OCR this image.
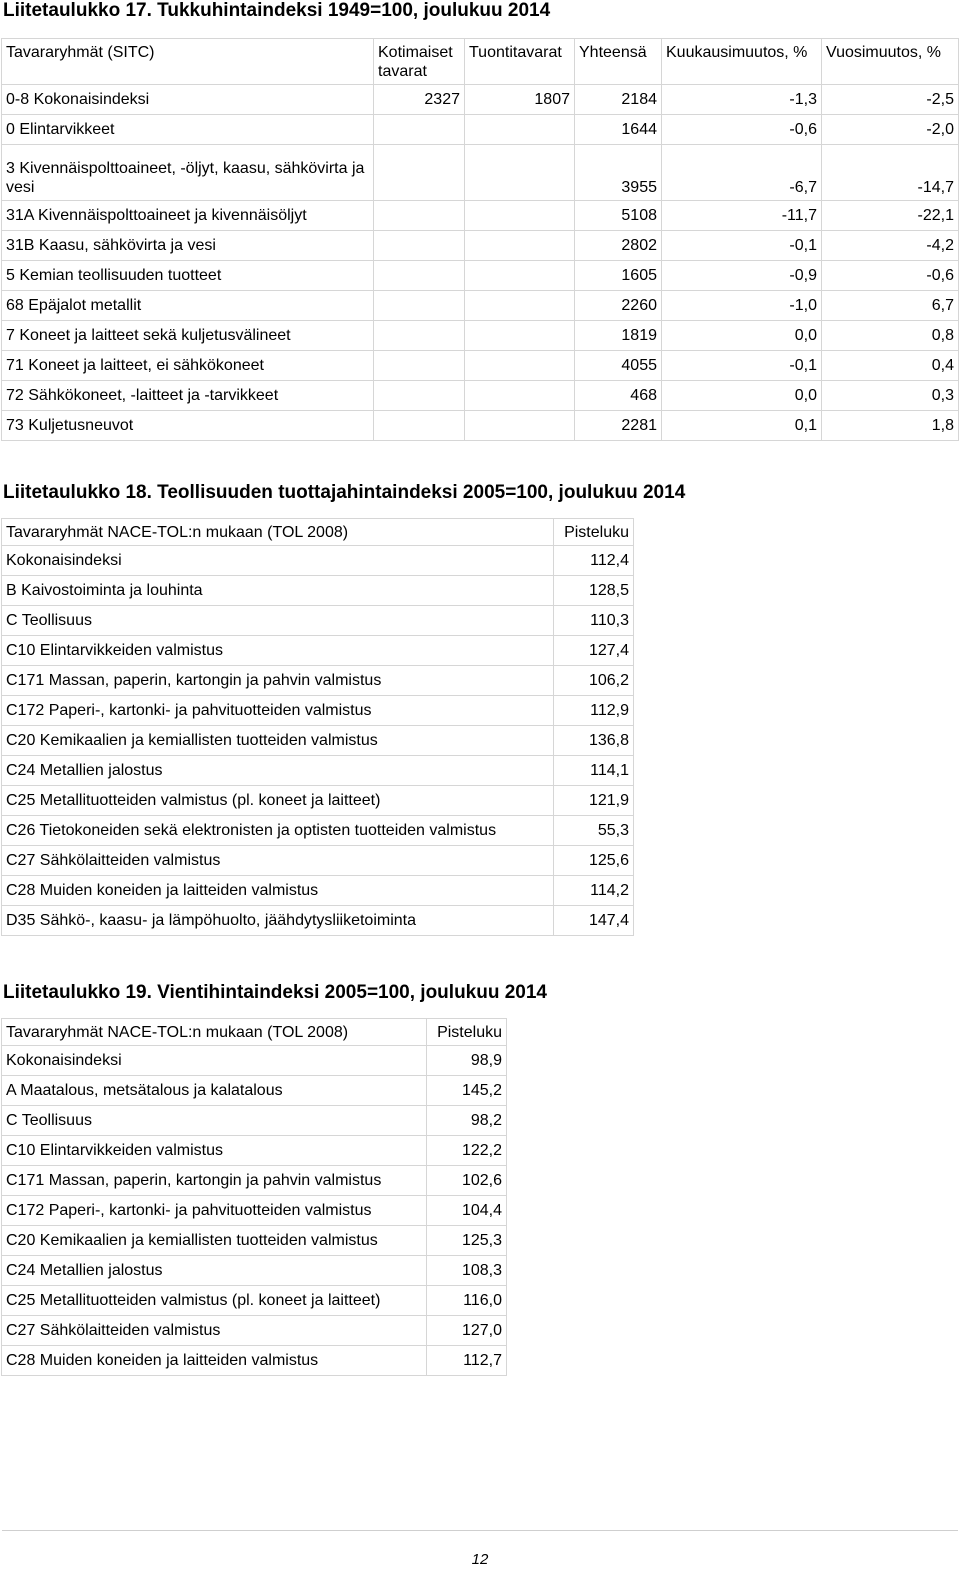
Liitetaulukko 17. Tukkuhintaindeksi 1949=100, joulukuu 2014
Tavararyhmät (SITC)	Kotimaiset tavarat	Tuontitavarat	Yhteensä	Kuukausimuutos, %	Vuosimuutos, %
0-8 Kokonaisindeksi	2327	1807	2184	-1,3	-2,5
0 Elintarvikkeet			1644	-0,6	-2,0
3 Kivennäispolttoaineet, -öljyt, kaasu, sähkövirta ja vesi			3955	-6,7	-14,7
31A Kivennäispolttoaineet ja kivennäisöljyt			5108	-11,7	-22,1
31B Kaasu, sähkövirta ja vesi			2802	-0,1	-4,2
5 Kemian teollisuuden tuotteet			1605	-0,9	-0,6
68 Epäjalot metallit			2260	-1,0	6,7
7 Koneet ja laitteet sekä kuljetusvälineet			1819	0,0	0,8
71 Koneet ja laitteet, ei sähkökoneet			4055	-0,1	0,4
72 Sähkökoneet, -laitteet ja -tarvikkeet			468	0,0	0,3
73 Kuljetusneuvot			2281	0,1	1,8
Liitetaulukko 18. Teollisuuden tuottajahintaindeksi 2005=100, joulukuu 2014
Tavararyhmät NACE-TOL:n mukaan (TOL 2008)	Pisteluku
Kokonaisindeksi	112,4
B Kaivostoiminta ja louhinta	128,5
C Teollisuus	110,3
C10 Elintarvikkeiden valmistus	127,4
C171 Massan, paperin, kartongin ja pahvin valmistus	106,2
C172 Paperi-, kartonki- ja pahvituotteiden valmistus	112,9
C20 Kemikaalien ja kemiallisten tuotteiden valmistus	136,8
C24 Metallien jalostus	114,1
C25 Metallituotteiden valmistus (pl. koneet ja laitteet)	121,9
C26 Tietokoneiden sekä elektronisten ja optisten tuotteiden valmistus	55,3
C27 Sähkölaitteiden valmistus	125,6
C28 Muiden koneiden ja laitteiden valmistus	114,2
D35 Sähkö-, kaasu- ja lämpöhuolto, jäähdytysliiketoiminta	147,4
Liitetaulukko 19. Vientihintaindeksi 2005=100, joulukuu 2014
Tavararyhmät NACE-TOL:n mukaan (TOL 2008)	Pisteluku
Kokonaisindeksi	98,9
A Maatalous, metsätalous ja kalatalous	145,2
C Teollisuus	98,2
C10 Elintarvikkeiden valmistus	122,2
C171 Massan, paperin, kartongin ja pahvin valmistus	102,6
C172 Paperi-, kartonki- ja pahvituotteiden valmistus	104,4
C20 Kemikaalien ja kemiallisten tuotteiden valmistus	125,3
C24 Metallien jalostus	108,3
C25 Metallituotteiden valmistus (pl. koneet ja laitteet)	116,0
C27 Sähkölaitteiden valmistus	127,0
C28 Muiden koneiden ja laitteiden valmistus	112,7
12
